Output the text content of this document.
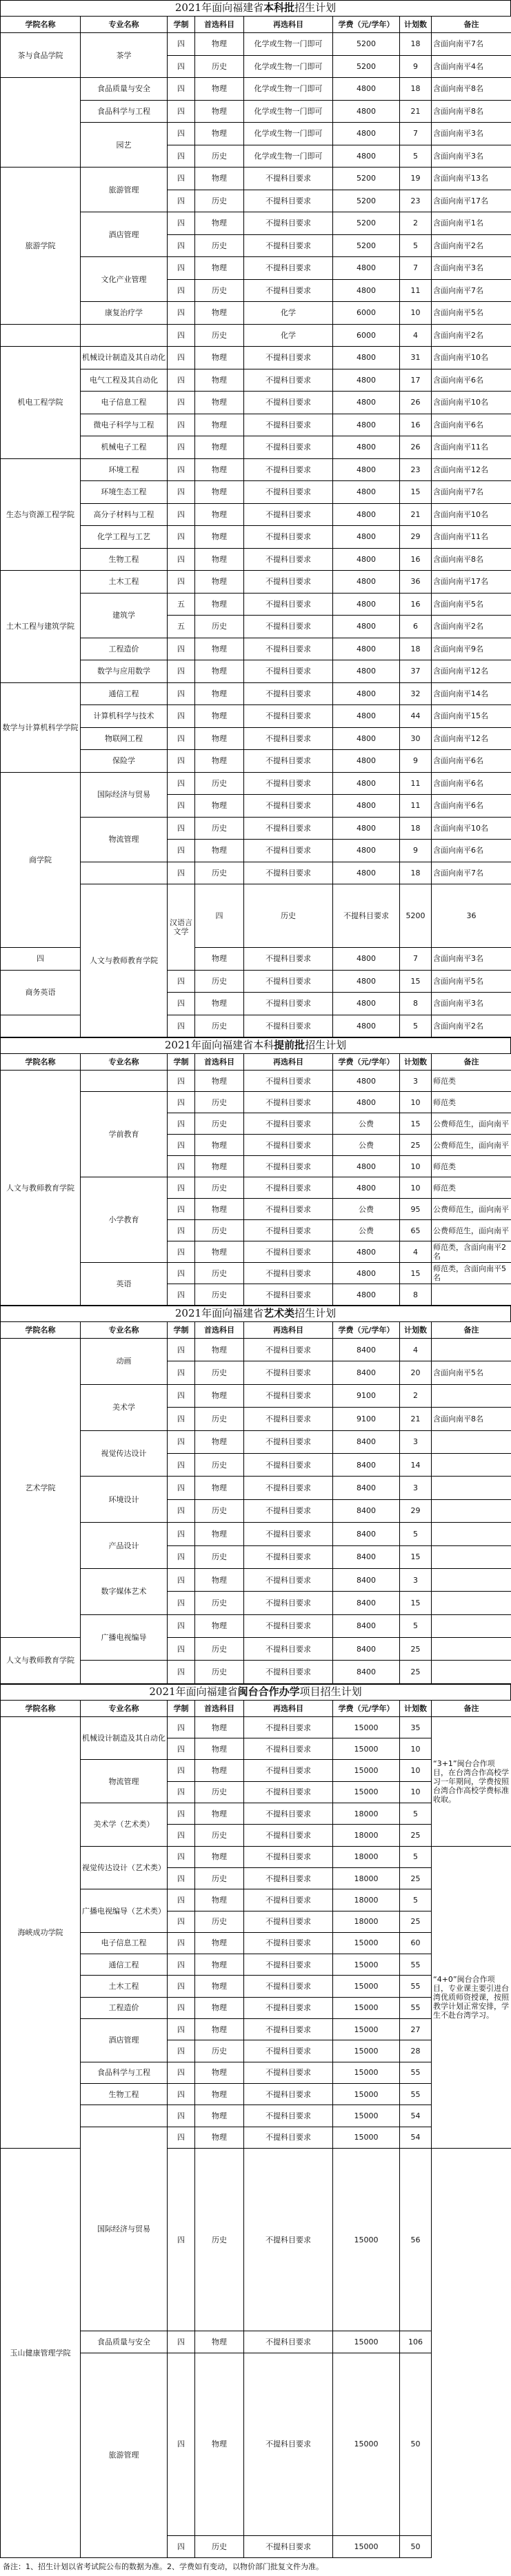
2021年面向福建省本科批招生计划
学院名称	专业名称	学制	首选科目	再选科目	学费（元/学年）	计划数	备注	
茶与食品学院	茶学	四	物理	化学或生物一门即可	5200	18	含面向南平7名	
		四	历史	化学或生物一门即可	5200	9	含面向南平4名	
	食品质量与安全	四	物理	化学或生物一门即可	4800	18	含面向南平8名	
	食品科学与工程	四	物理	化学或生物一门即可	4800	21	含面向南平8名	
	园艺	四	物理	化学或生物一门即可	4800	7	含面向南平3名	
		四	历史	化学或生物一门即可	4800	5	含面向南平3名	
旅游学院	旅游管理	四	物理	不提科目要求	5200	19	含面向南平13名	
		四	历史	不提科目要求	5200	23	含面向南平17名	
	酒店管理	四	物理	不提科目要求	5200	2	含面向南平1名	
		四	历史	不提科目要求	5200	5	含面向南平2名	
	文化产业管理	四	物理	不提科目要求	4800	7	含面向南平3名	
		四	历史	不提科目要求	4800	11	含面向南平7名	
	康复治疗学	四	物理	化学	6000	10	含面向南平5名	
		四	历史	化学	6000	4	含面向南平2名	
机电工程学院	机械设计制造及其自动化	四	物理	不提科目要求	4800	31	含面向南平10名	
	电气工程及其自动化	四	物理	不提科目要求	4800	17	含面向南平6名	
	电子信息工程	四	物理	不提科目要求	4800	26	含面向南平10名	
	微电子科学与工程	四	物理	不提科目要求	4800	16	含面向南平6名	
	机械电子工程	四	物理	不提科目要求	4800	26	含面向南平11名	
生态与资源工程学院	环境工程	四	物理	不提科目要求	4800	23	含面向南平12名	
	环境生态工程	四	物理	不提科目要求	4800	15	含面向南平7名	
	高分子材料与工程	四	物理	不提科目要求	4800	21	含面向南平10名	
	化学工程与工艺	四	物理	不提科目要求	4800	29	含面向南平11名	
	生物工程	四	物理	不提科目要求	4800	16	含面向南平8名	
土木工程与建筑学院	土木工程	四	物理	不提科目要求	4800	36	含面向南平17名	
	建筑学	五	物理	不提科目要求	4800	16	含面向南平5名	
		五	历史	不提科目要求	4800	6	含面向南平2名	
	工程造价	四	物理	不提科目要求	4800	18	含面向南平9名	
	数学与应用数学	四	物理	不提科目要求	4800	37	含面向南平12名	
数学与计算机科学学院	通信工程	四	物理	不提科目要求	4800	32	含面向南平14名	
	计算机科学与技术	四	物理	不提科目要求	4800	44	含面向南平15名	
	物联网工程	四	物理	不提科目要求	4800	30	含面向南平12名	
	保险学	四	物理	不提科目要求	4800	9	含面向南平6名	
商学院	国际经济与贸易	四	历史	不提科目要求	4800	11	含面向南平6名	
		四	物理	不提科目要求	4800	11	含面向南平6名	
	物流管理	四	历史	不提科目要求	4800	18	含面向南平10名	
		四	物理	不提科目要求	4800	9	含面向南平6名	
		四	历史	不提科目要求	4800	18	含面向南平7名	
	人文与教师教育学院	汉语言文学	四	历史	不提科目要求	5200	36	
四			物理	不提科目要求	4800	7	含面向南平3名	
商务英语		四	历史	不提科目要求	4800	15	含面向南平5名	
		四	物理	不提科目要求	4800	8	含面向南平3名	
		四	历史	不提科目要求	4800	5	含面向南平2名	
2021年面向福建省本科提前批招生计划
学院名称	专业名称	学制	首选科目	再选科目	学费（元/学年）	计划数	备注
人文与教师教育学院		四	物理	不提科目要求	4800	3	师范类
	学前教育	四	历史	不提科目要求	4800	10	师范类
		四	历史	不提科目要求	公费	15	公费师范生，面向南平
		四	物理	不提科目要求	公费	25	公费师范生，面向南平
		四	物理	不提科目要求	4800	10	师范类
	小学教育	四	历史	不提科目要求	4800	10	师范类
		四	物理	不提科目要求	公费	95	公费师范生，面向南平
		四	历史	不提科目要求	公费	65	公费师范生，面向南平
		四	物理	不提科目要求	4800	4	师范类，含面向南平2名
	英语	四	历史	不提科目要求	4800	15	师范类，含面向南平5名
		四	历史	不提科目要求	4800	8	
2021年面向福建省艺术类招生计划
学院名称	专业名称	学制	首选科目	再选科目	学费（元/学年）	计划数	备注
艺术学院	动画	四	物理	不提科目要求	8400	4	
		四	历史	不提科目要求	8400	20	含面向南平5名
	美术学	四	物理	不提科目要求	9100	2	
		四	历史	不提科目要求	9100	21	含面向南平8名
	视觉传达设计	四	物理	不提科目要求	8400	3	
		四	历史	不提科目要求	8400	14	
	环境设计	四	物理	不提科目要求	8400	3	
		四	历史	不提科目要求	8400	29	
	产品设计	四	物理	不提科目要求	8400	5	
		四	历史	不提科目要求	8400	15	
	数字媒体艺术	四	物理	不提科目要求	8400	3	
		四	历史	不提科目要求	8400	15	
	广播电视编导	四	物理	不提科目要求	8400	5	
人文与教师教育学院		四	历史	不提科目要求	8400	25	
		四	历史	不提科目要求	8400	25	
2021年面向福建省闽台合作办学项目招生计划
学院名称	专业名称	学制	首选科目	再选科目	学费（元/学年）	计划数	备注	
海峡成功学院	机械设计制造及其自动化	四	物理	不提科目要求	15000	35	“3+1”闽台合作项目，在台湾合作高校学习一年期间，学费按照台湾合作高校学费标准收取。	
		四	物理	不提科目要求	15000	10		
	物流管理	四	物理	不提科目要求	15000	10		
		四	历史	不提科目要求	15000	10		
	美术学（艺术类）	四	物理	不提科目要求	18000	5		
		四	历史	不提科目要求	18000	25		
	视觉传达设计（艺术类）	四	物理	不提科目要求	18000	5	“4+0”闽台合作项目，专业课主要引进台湾优质师资授课，按照教学计划正常安排，学生不赴台湾学习。	
		四	历史	不提科目要求	18000	25		
	广播电视编导（艺术类）	四	物理	不提科目要求	18000	5		
		四	历史	不提科目要求	18000	25		
	电子信息工程	四	物理	不提科目要求	15000	60		
	通信工程	四	物理	不提科目要求	15000	55		
	土木工程	四	物理	不提科目要求	15000	55		
	工程造价	四	物理	不提科目要求	15000	55		
	酒店管理	四	物理	不提科目要求	15000	27		
		四	历史	不提科目要求	15000	28		
	食品科学与工程	四	物理	不提科目要求	15000	55		
	生物工程	四	物理	不提科目要求	15000	55		
		四	物理	不提科目要求	15000	54		
	国际经济与贸易	四	物理	不提科目要求	15000	54	
玉山健康管理学院		四	历史	不提科目要求	15000	56		
	食品质量与安全	四	物理	不提科目要求	15000	106		
	旅游管理	四	物理	不提科目要求	15000	50		
		四	历史	不提科目要求	15000	50		
备注：1、招生计划以省考试院公布的数据为准。2、学费如有变动，以物价部门批复文件为准。
